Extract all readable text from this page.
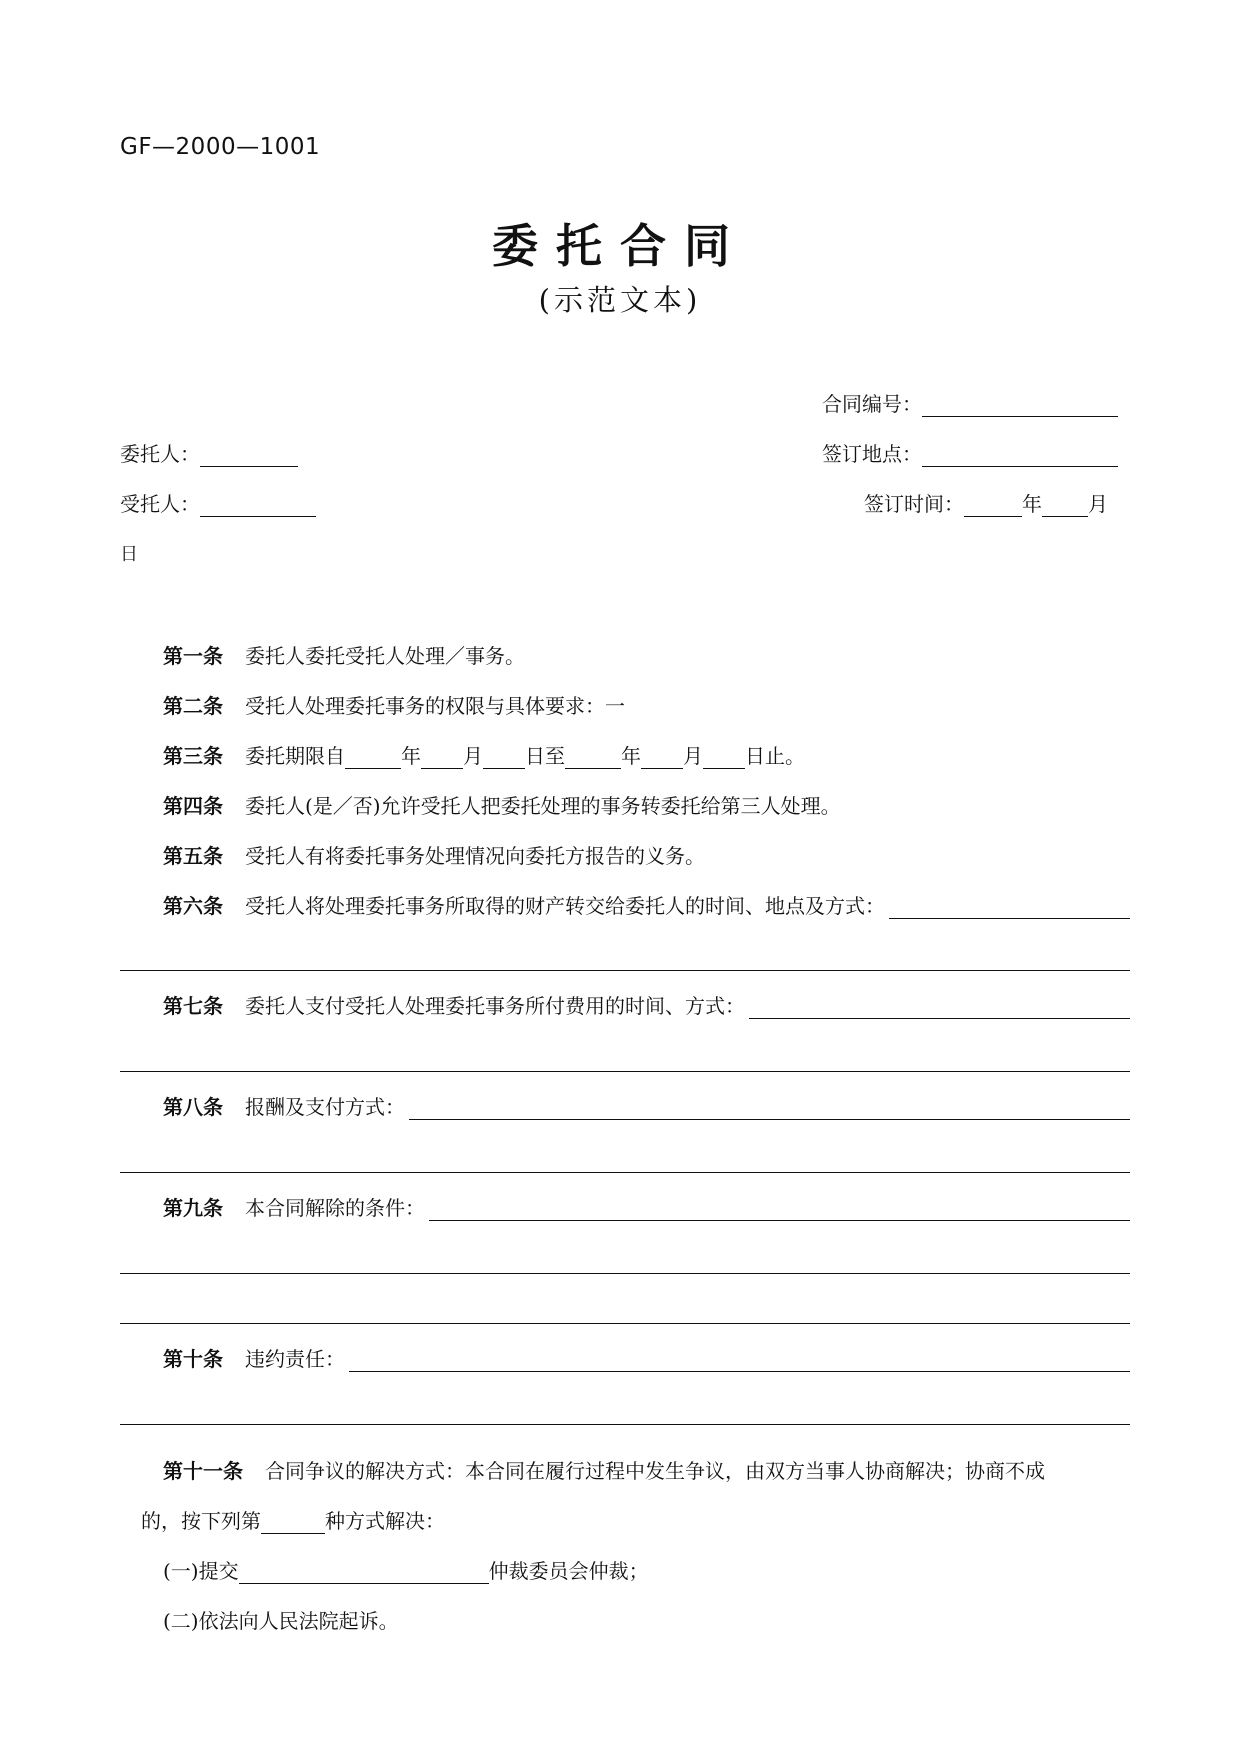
GF—2000—1001
委托合同
(示范文本)
合同编号：
委托人：	签订地点：
受托人：	签订时间：	年 月
日
第一条 委托人委托受托人处理／事务。
第二条 受托人处理委托事务的权限与具体要求：一
第三条 委托期限自	年 月 日至	年 月 日止。
第四条 委托人(是／否)允许受托人把委托处理的事务转委托给第三人处理。
第五条 受托人有将委托事务处理情况向委托方报告的义务。
第六条 受托人将处理委托事务所取得的财产转交给委托人的时间、地点及方式：
第七条 委托人支付受托人处理委托事务所付费用的时间、方式：
第八条 报酬及支付方式：
第九条 本合同解除的条件：
第十条 违约责任：
第十一条 合同争议的解决方式：本合同在履行过程中发生争议，由双方当事人协商解决；协商不成
的，按下列第	种方式解决：
(一)提交	仲裁委员会仲裁；
(二)依法向人民法院起诉。
